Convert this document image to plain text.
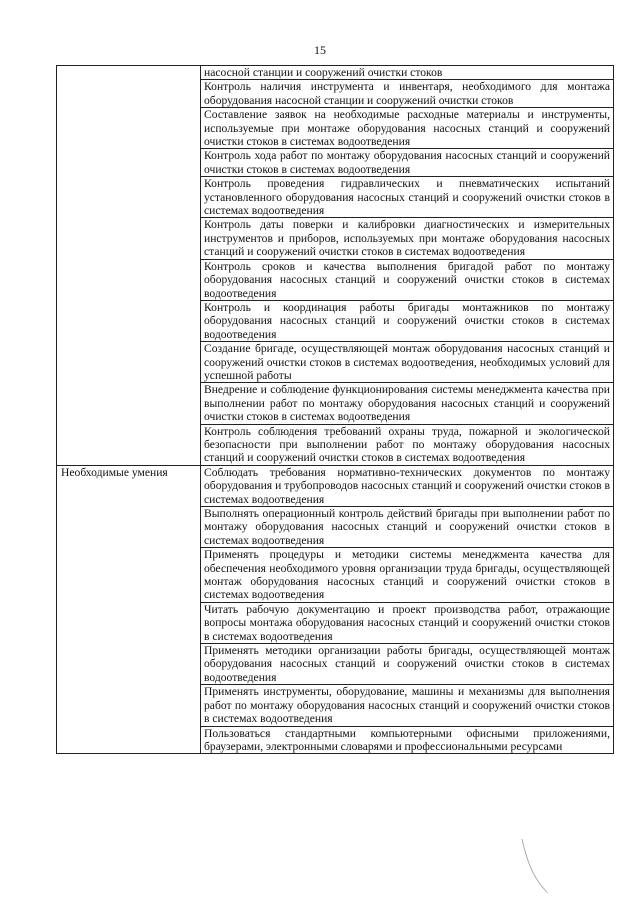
15
	насосной станции и сооружений очистки стоков
	Контроль наличия инструмента и инвентаря, необходимого для монтажа оборудования насосной станции и сооружений очистки стоков
	Составление заявок на необходимые расходные материалы и инструменты, используемые при монтаже оборудования насосных станций и сооружений очистки стоков в системах водоотведения
	Контроль хода работ по монтажу оборудования насосных станций и сооружений очистки стоков в системах водоотведения
	Контроль проведения гидравлических и пневматических испытаний установленного оборудования насосных станций и сооружений очистки стоков в системах водоотведения
	Контроль даты поверки и калибровки диагностических и измерительных инструментов и приборов, используемых при монтаже оборудования насосных станций и сооружений очистки стоков в системах водоотведения
	Контроль сроков и качества выполнения бригадой работ по монтажу оборудования насосных станций и сооружений очистки стоков в системах водоотведения
	Контроль и координация работы бригады монтажников по монтажу оборудования насосных станций и сооружений очистки стоков в системах водоотведения
	Создание бригаде, осуществляющей монтаж оборудования насосных станций и сооружений очистки стоков в системах водоотведения, необходимых условий для успешной работы
	Внедрение и соблюдение функционирования системы менеджмента качества при выполнении работ по монтажу оборудования насосных станций и сооружений очистки стоков в системах водоотведения
	Контроль соблюдения требований охраны труда, пожарной и экологической безопасности при выполнении работ по монтажу оборудования насосных станций и сооружений очистки стоков в системах водоотведения
Необходимые умения	Соблюдать требования нормативно-технических документов по монтажу оборудования и трубопроводов насосных станций и сооружений очистки стоков в системах водоотведения
	Выполнять операционный контроль действий бригады при выполнении работ по монтажу оборудования насосных станций и сооружений очистки стоков в системах водоотведения
	Применять процедуры и методики системы менеджмента качества для обеспечения необходимого уровня организации труда бригады, осуществляющей монтаж оборудования насосных станций и сооружений очистки стоков в системах водоотведения
	Читать рабочую документацию и проект производства работ, отражающие вопросы монтажа оборудования насосных станций и сооружений очистки стоков в системах водоотведения
	Применять методики организации работы бригады, осуществляющей монтаж оборудования насосных станций и сооружений очистки стоков в системах водоотведения
	Применять инструменты, оборудование, машины и механизмы для выполнения работ по монтажу оборудования насосных станций и сооружений очистки стоков в системах водоотведения
	Пользоваться стандартными компьютерными офисными приложениями, браузерами, электронными словарями и профессиональными ресурсами
